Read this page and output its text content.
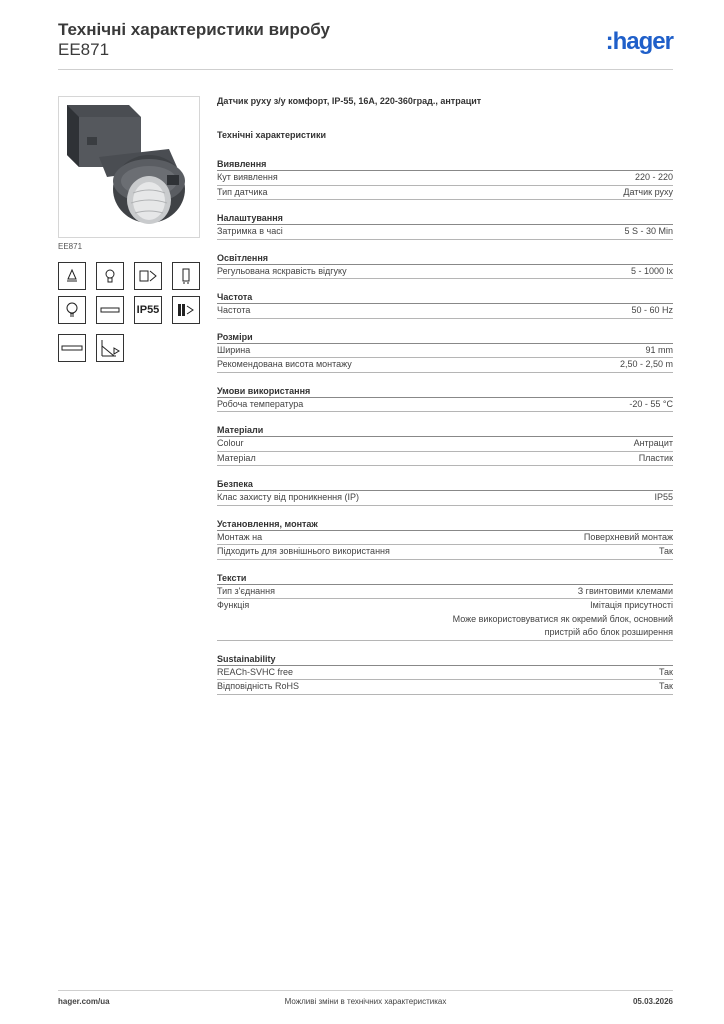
Технічні характеристики виробу
EE871	:hager
EE871
IP55
Датчик руху з/у комфорт, IP-55, 16A, 220-360град., антрацит
Технічні характеристики
Виявлення
Кут виявлення	220 - 220
Тип датчика	Датчик руху
Налаштування
Затримка в часі	5 S - 30 Min
Освітлення
Регульована яскравість відгуку	5 - 1000 lx
Частота
Частота	50 - 60 Hz
Розміри
Ширина	91 mm
Рекомендована висота монтажу	2,50 - 2,50 m
Умови використання
Робоча температура	-20 - 55 °C
Матеріали
Colour	Антрацит
Матеріал	Пластик
Безпека
Клас захисту від проникнення (IP)	IP55
Установлення, монтаж
Монтаж на	Поверхневий монтаж
Підходить для зовнішнього використання	Так
Тексти
Тип з'єднання	З гвинтовими клемами
Функція	Імітація присутності
Може використовуватися як окремий блок, основний
пристрій або блок розширення
Sustainability
REACh-SVHC free	Так
Відповідність RoHS	Так
hager.com/ua	Можливі зміни в технічних характеристиках	05.03.2026
